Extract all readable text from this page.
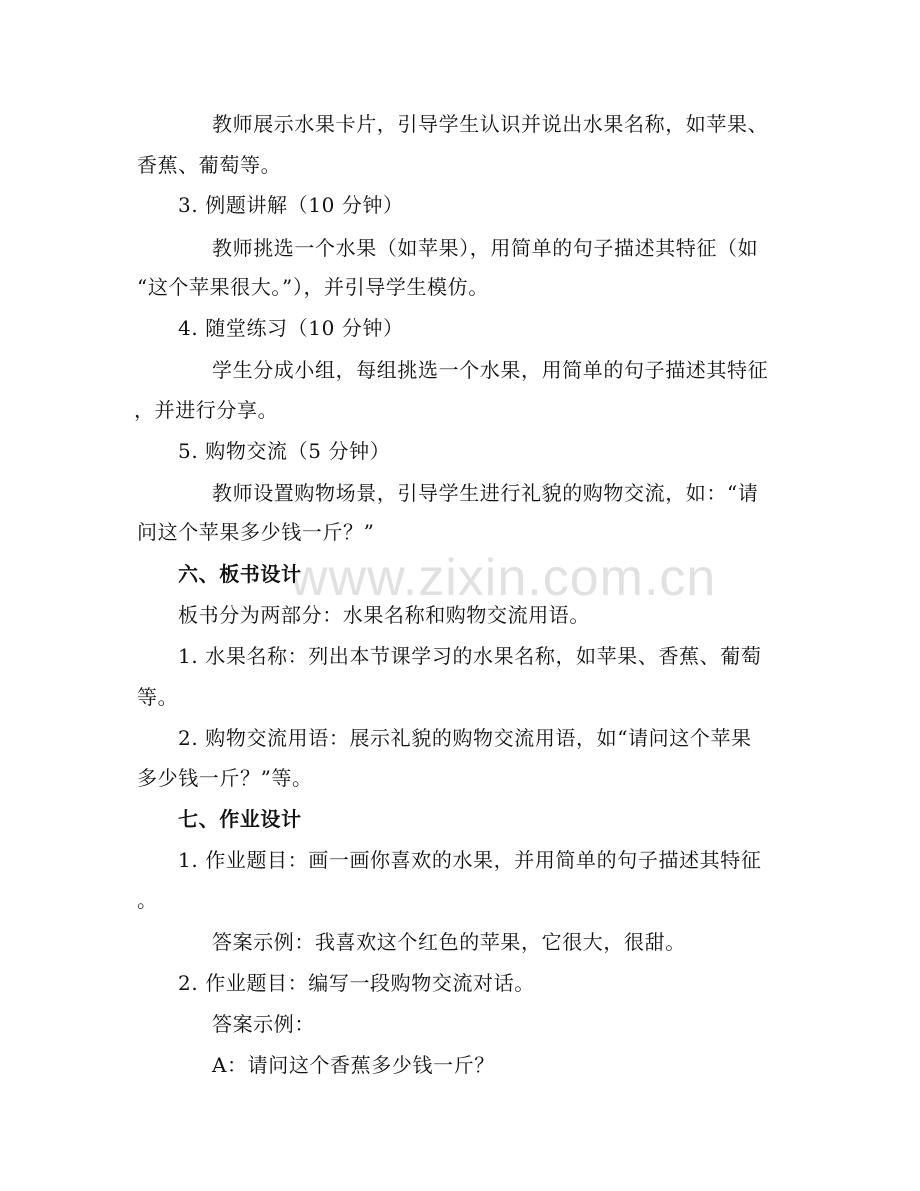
www.zixin.com.cn
教师展示水果卡片，引导学生认识并说出水果名称，如苹果、
香蕉、葡萄等。
3. 例题讲解（10 分钟）
教师挑选一个水果（如苹果），用简单的句子描述其特征（如
“这个苹果很大。”），并引导学生模仿。
4. 随堂练习（10 分钟）
学生分成小组，每组挑选一个水果，用简单的句子描述其特征
，并进行分享。
5. 购物交流（5 分钟）
教师设置购物场景，引导学生进行礼貌的购物交流，如：“请
问这个苹果多少钱一斤？”
六、板书设计
板书分为两部分：水果名称和购物交流用语。
1. 水果名称：列出本节课学习的水果名称，如苹果、香蕉、葡萄
等。
2. 购物交流用语：展示礼貌的购物交流用语，如“请问这个苹果
多少钱一斤？”等。
七、作业设计
1. 作业题目：画一画你喜欢的水果，并用简单的句子描述其特征
。
答案示例：我喜欢这个红色的苹果，它很大，很甜。
2. 作业题目：编写一段购物交流对话。
答案示例：
A：请问这个香蕉多少钱一斤？
